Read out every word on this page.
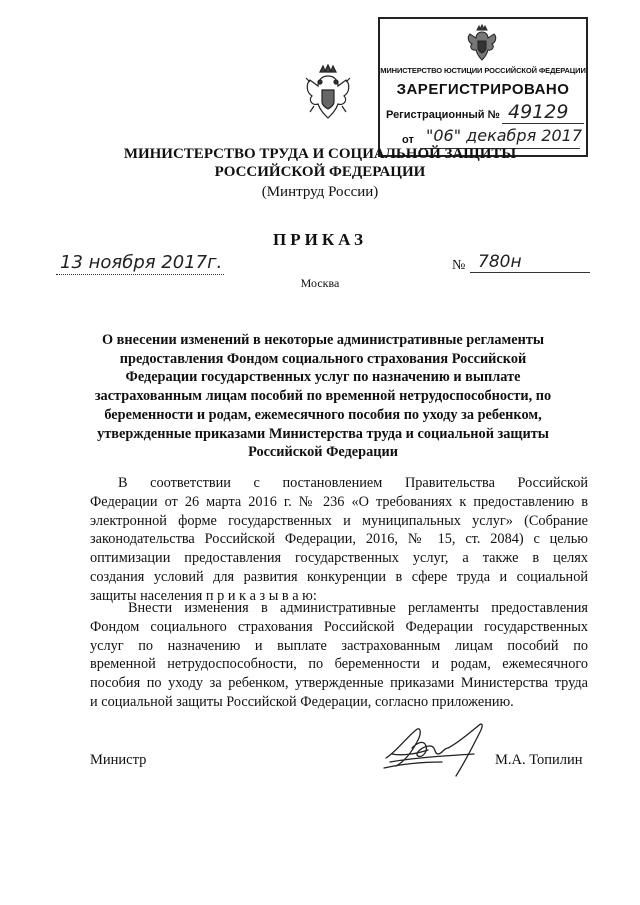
МИНИСТЕРСТВО ЮСТИЦИИ РОССИЙСКОЙ ФЕДЕРАЦИИ
ЗАРЕГИСТРИРОВАНО
Регистрационный № 49129
от "06" декабря 2017
МИНИСТЕРСТВО ТРУДА И СОЦИАЛЬНОЙ ЗАЩИТЫ
РОССИЙСКОЙ ФЕДЕРАЦИИ
(Минтруд России)
ПРИКАЗ
13 ноября 2017г.	№ 780н
Москва
О внесении изменений в некоторые административные регламенты
предоставления Фондом социального страхования Российской
Федерации государственных услуг по назначению и выплате
застрахованным лицам пособий по временной нетрудоспособности, по
беременности и родам, ежемесячного пособия по уходу за ребенком,
утвержденные приказами Министерства труда и социальной защиты
Российской Федерации
В соответствии с постановлением Правительства Российской
Федерации от 26 марта 2016 г. № 236 «О требованиях к предоставлению в
электронной форме государственных и муниципальных услуг» (Собрание
законодательства Российской Федерации, 2016, № 15, ст. 2084) с целью
оптимизации предоставления государственных услуг, а также в целях
создания условий для развития конкуренции в сфере труда и социальной
защиты населения п р и к а з ы в а ю:
Внести изменения в административные регламенты предоставления
Фондом социального страхования Российской Федерации государственных
услуг по назначению и выплате застрахованным лицам пособий по
временной нетрудоспособности, по беременности и родам, ежемесячного
пособия по уходу за ребенком, утвержденные приказами Министерства труда
и социальной защиты Российской Федерации, согласно приложению.
Министр	М.А. Топилин
